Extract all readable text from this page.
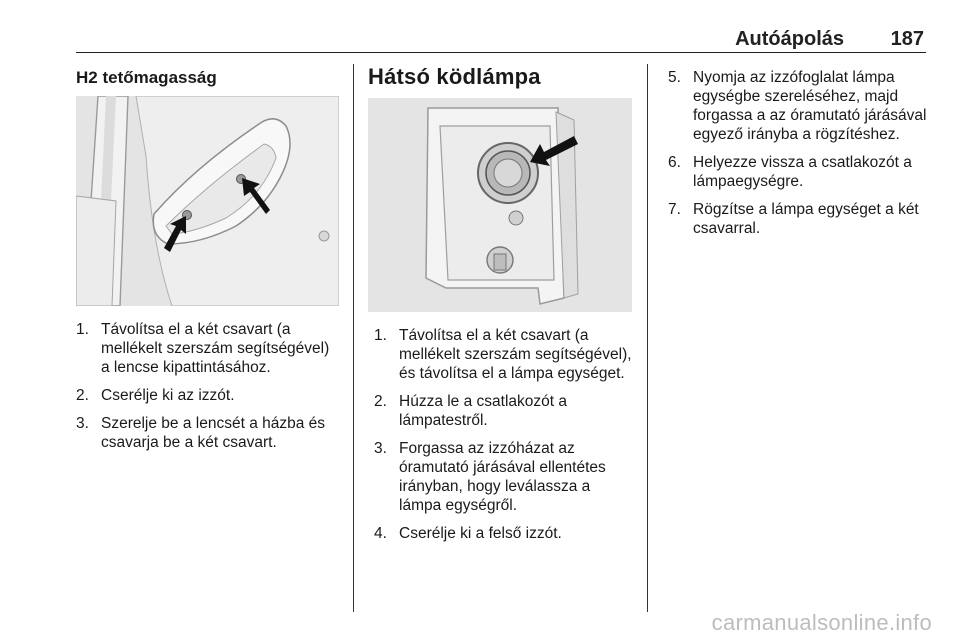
Autóápolás 187
H2 tetőmagasság
1. Távolítsa el a két csavart (a mellékelt szerszám segítségével) a lencse kipattintásához.
2. Cserélje ki az izzót.
3. Szerelje be a lencsét a házba és csavarja be a két csavart.
Hátsó ködlámpa
1. Távolítsa el a két csavart (a mellékelt szerszám segítségével), és távolítsa el a lámpa egységet.
2. Húzza le a csatlakozót a lámpatestről.
3. Forgassa az izzóházat az óramutató járásával ellentétes irányban, hogy leválassza a lámpa egységről.
4. Cserélje ki a felső izzót.
5. Nyomja az izzófoglalat lámpa egységbe szereléséhez, majd forgassa a az óramutató járásával egyező irányba a rögzítéshez.
6. Helyezze vissza a csatlakozót a lámpaegységre.
7. Rögzítse a lámpa egységet a két csavarral.
carmanualsonline.info
